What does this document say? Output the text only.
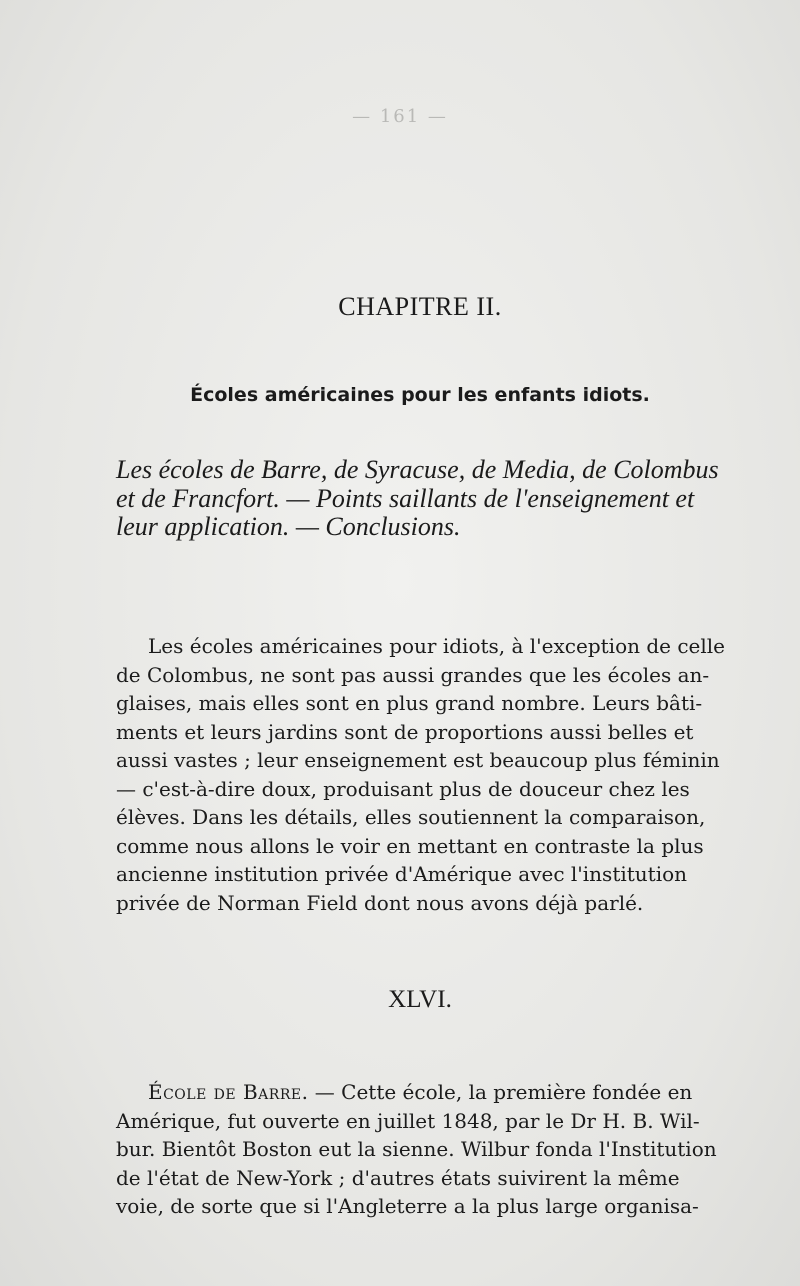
— 161 —
CHAPITRE II.
Écoles américaines pour les enfants idiots.
Les écoles de Barre, de Syracuse, de Media, de Colombus
et de Francfort. — Points saillants de l'enseignement et
leur application. — Conclusions.
Les écoles américaines pour idiots, à l'exception de celle
de Colombus, ne sont pas aussi grandes que les écoles an-
glaises, mais elles sont en plus grand nombre. Leurs bâti-
ments et leurs jardins sont de proportions aussi belles et
aussi vastes ; leur enseignement est beaucoup plus féminin
— c'est-à-dire doux, produisant plus de douceur chez les
élèves. Dans les détails, elles soutiennent la comparaison,
comme nous allons le voir en mettant en contraste la plus
ancienne institution privée d'Amérique avec l'institution
privée de Norman Field dont nous avons déjà parlé.
XLVI.
École de Barre. — Cette école, la première fondée en
Amérique, fut ouverte en juillet 1848, par le Dr H. B. Wil-
bur. Bientôt Boston eut la sienne. Wilbur fonda l'Institution
de l'état de New-York ; d'autres états suivirent la même
voie, de sorte que si l'Angleterre a la plus large organisa-
